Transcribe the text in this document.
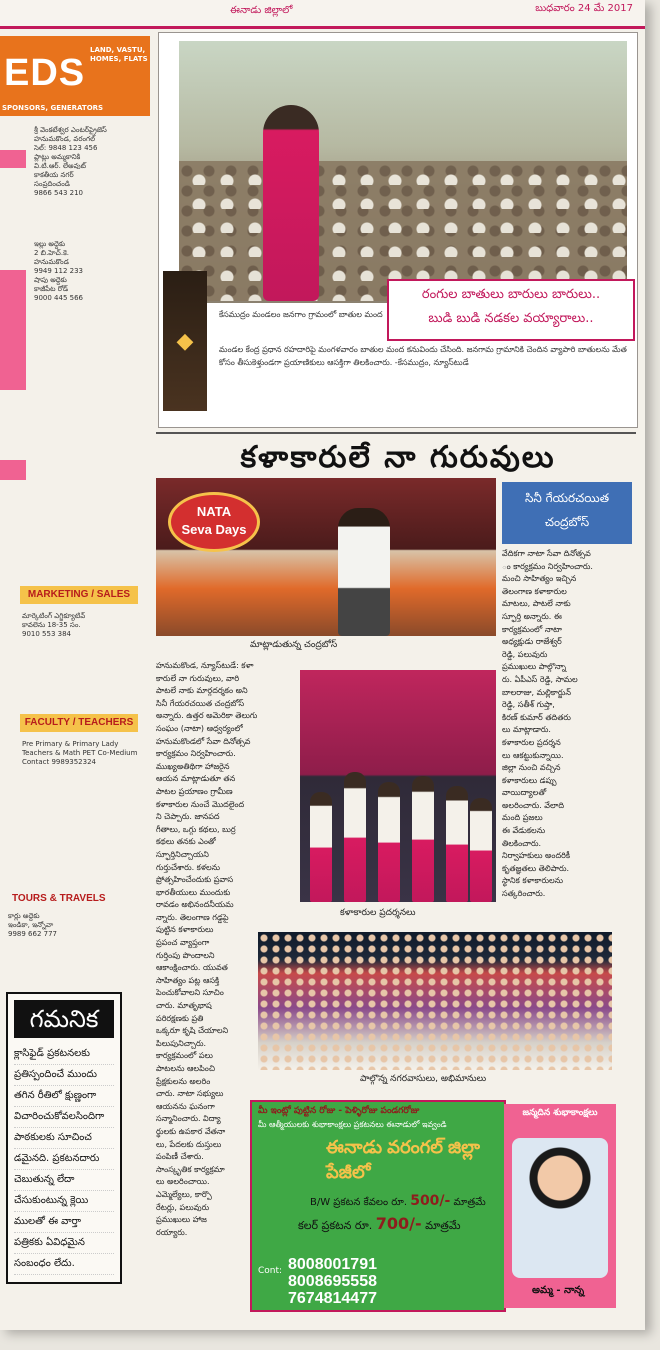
ఈనాడు జిల్లాలో	బుధవారం 24 మే 2017
LAND, VASTU, HOMES, FLATS
EDS
SPONSORS, GENERATORS
శ్రీ వెంకటేశ్వర ఎంటర్‌ప్రైజెస్
హనుమకొండ, వరంగల్
సెల్: 9848 123 456
ప్లాట్లు అమ్మకానికి
వి.టి.ఆర్. లేఅవుట్
కాకతీయ నగర్
సంప్రదించండి
9866 543 210
ఇల్లు అద్దెకు
2 బి.హెచ్.కె.
హనుమకొండ
9949 112 233
షాపు అద్దెకు
కాజీపేట రోడ్
9000 445 566
MARKETING / SALES
మార్కెటింగ్ ఎగ్జిక్యూటివ్
కావలెను 18-35 సం.
9010 553 384
FACULTY / TEACHERS
Pre Primary & Primary Lady
Teachers & Math PET Co-Medium
Contact 9989352324
TOURS & TRAVELS
కార్లు అద్దెకు
ఇండికా, ఇన్నోవా
9989 662 777
గమనిక
క్లాసిఫైడ్ ప్రకటనలకు
ప్రతిస్పందించే ముందు
తగిన రీతిలో క్షుణ్ణంగా
విచారించుకోవలసిందిగా
పాఠకులకు సూచించ
డమైనది. ప్రకటనదారు
చెబుతున్న లేదా
చేసుకుంటున్న క్లెయి
ములతో ఈ వార్తా
పత్రికకు ఏవిధమైన
సంబంధం లేదు.
రంగుల బాతులు బారులు బారులు..
బుడి బుడి నడకల వయ్యారాలు..
◆
కేసముద్రం మండలం జనగాం గ్రామంలో బాతుల మంద
మండల కేంద్ర ప్రధాన రహదారిపై మంగళవారం బాతుల మంద కనువిందు చేసింది. జనగామ గ్రామానికి చెందిన వ్యాపారి బాతులను మేత కోసం తీసుకెళ్తుండగా ప్రయాణికులు ఆసక్తిగా తిలకించారు. -కేసముద్రం, న్యూస్‌టుడే
కళాకారులే నా గురువులు
NATA
Seva Days
మాట్లాడుతున్న చంద్రబోస్
సినీ గేయరచయిత
చంద్రబోస్
వేదికగా నాటా సేవా దినోత్సవ
ం కార్యక్రమం నిర్వహించారు.
మంచి సాహిత్యం ఇచ్చిన
తెలంగాణ కళాకారుల
మాటలు, పాటలే నాకు
స్ఫూర్తి అన్నారు. ఈ
కార్యక్రమంలో నాటా
అధ్యక్షుడు రాజేశ్వర్
రెడ్డి, పలువురు
ప్రముఖులు పాల్గొన్నా
రు. ఏపీఎస్‌ రెడ్డి, సామల
బాలరాజు, మల్లికార్జున్
రెడ్డి, సతీశ్ గుప్తా,
కిరణ్‌ కుమార్ తదితరు
లు మాట్లాడారు.
కళాకారుల ప్రదర్శన
లు ఆకట్టుకున్నాయి.
జిల్లా నుంచి వచ్చిన
కళాకారులు డప్పు
వాయిద్యాలతో
అలరించారు. వేలాది
మంది ప్రజలు
ఈ వేడుకలను
తిలకించారు.
నిర్వాహకులు అందరికీ
కృతజ్ఞతలు తెలిపారు.
స్థానిక కళాకారులను
సత్కరించారు.
హనుమకొండ, న్యూస్‌టుడే: కళా
కారులే నా గురువులు, వారి
పాటలే నాకు మార్గదర్శకం అని
సినీ గేయరచయిత చంద్రబోస్
అన్నారు. ఉత్తర అమెరికా తెలుగు
సంఘం (నాటా) ఆధ్వర్యంలో
హనుమకొండలో సేవా దినోత్సవ
కార్యక్రమం నిర్వహించారు.
ముఖ్యఅతిథిగా హాజరైన
ఆయన మాట్లాడుతూ తన
పాటల ప్రయాణం గ్రామీణ
కళాకారుల నుంచే మొదలైంద
ని చెప్పారు. జానపద
గీతాలు, ఒగ్గు కథలు, బుర్ర
కథలు తనకు ఎంతో
స్ఫూర్తినిచ్చాయని
గుర్తుచేశారు. కళలను
ప్రోత్సహించేందుకు ప్రవాస
భారతీయులు ముందుకు
రావడం అభినందనీయమ
న్నారు. తెలంగాణ గడ్డపై
పుట్టిన కళాకారులు
ప్రపంచ వ్యాప్తంగా
గుర్తింపు పొందాలని
ఆకాంక్షించారు. యువత
సాహిత్యం పట్ల ఆసక్తి
పెంచుకోవాలని సూచిం
చారు. మాతృభాష
పరిరక్షణకు ప్రతి
ఒక్కరూ కృషి చేయాలని
పిలుపునిచ్చారు.
కార్యక్రమంలో పలు
పాటలను ఆలపించి
ప్రేక్షకులను అలరిం
చారు. నాటా సభ్యులు
ఆయనను ఘనంగా
సన్మానించారు. విద్యా
ర్థులకు ఉపకార వేతనా
లు, పేదలకు దుస్తులు
పంపిణీ చేశారు.
సాంస్కృతిక కార్యక్రమా
లు అలరించాయి.
ఎమ్మెల్యేలు, కార్పొ
రేటర్లు, పలువురు
ప్రముఖులు హాజ
రయ్యారు.
కళాకారుల ప్రదర్శనలు
పాల్గొన్న నగరవాసులు, అభిమానులు
మీ ఇంట్లో పుట్టిన రోజు - పెళ్ళిరోజు పండగరోజు
మీ ఆత్మీయులకు శుభాకాంక్షలు ప్రకటనలు ఈనాడులో ఇవ్వండి
ఈనాడు వరంగల్ జిల్లా పేజీలో
B/W ప్రకటన కేవలం రూ. 500/- మాత్రమే
కలర్ ప్రకటన రూ. 700/- మాత్రమే
Cont: 8008001791
8008695558
7674814477
జన్మదిన శుభాకాంక్షలు
అమ్మ - నాన్న
